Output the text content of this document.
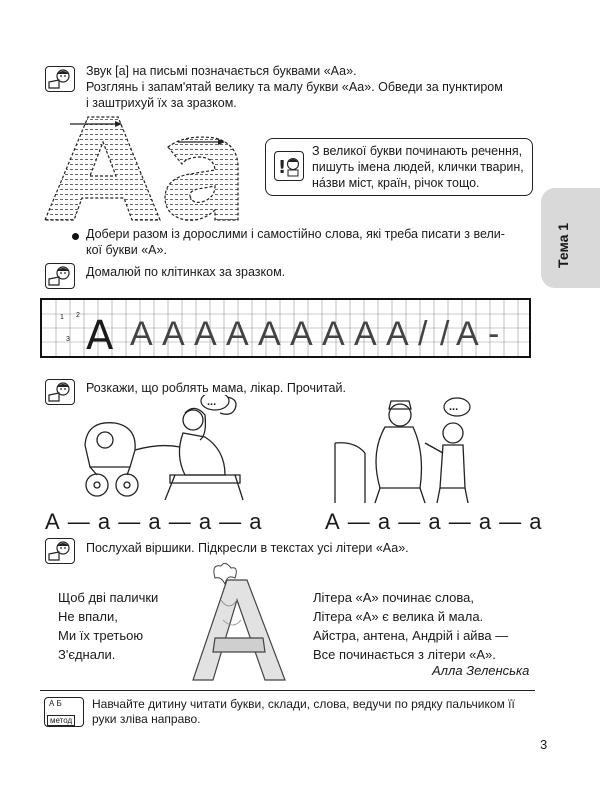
Звук [а] на письмі позначається буквами «Аа».
Розглянь і запам'ятай велику та малу букви «Аа». Обведи за пунктиром
і заштрихуй їх за зразком.
!
З великої букви починають речення,
пишуть імена людей, клички тварин,
на́зви міст, країн, річок тощо.
Тема 1
Добери разом із дорослими і самостійно слова, які треба писати з вели-
кої букви «А».
Домалюй по клітинках за зразком.
1 2
3 А А А А А А А А А А / / А -
Розкажи, що роблять мама, лікар. Прочитай.
...	...
А — а — а — а — а	А — а — а — а — а
Послухай віршики. Підкресли в текстах усі літери «Аа».
Щоб дві палички
Не впали,
Ми їх третьою
З'єднали.
Літера «А» починає слова,
Літера «А» є велика й мала.
Айстра, антена, Андрій і айва —
Все починається з літери «А».
Алла Зеленська
А Б
метод
Навчайте дитину читати букви, склади, слова, ведучи по рядку пальчиком її руки зліва направо.
3
